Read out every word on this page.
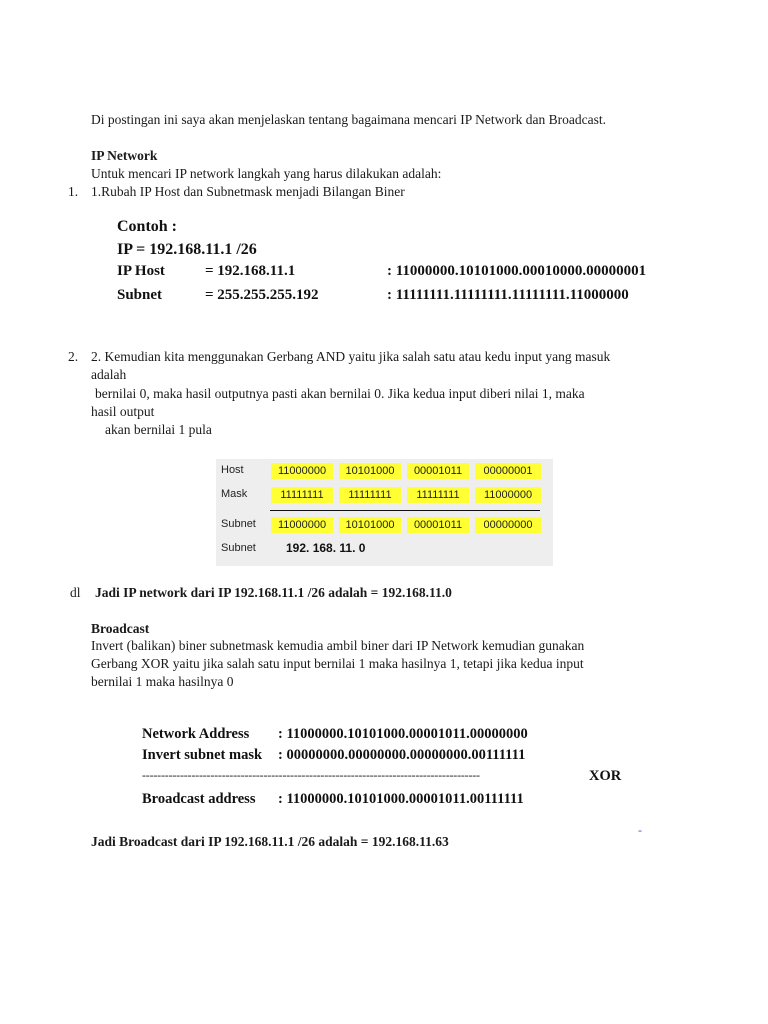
Di postingan ini saya akan menjelaskan tentang bagaimana mencari IP Network dan Broadcast.
IP Network
Untuk mencari IP network langkah yang harus dilakukan adalah:
1. 1.Rubah IP Host dan Subnetmask menjadi Bilangan Biner
Contoh :
IP = 192.168.11.1 /26
IP Host	= 192.168.11.1	: 11000000.10101000.00010000.00000001
Subnet	= 255.255.255.192	: 11111111.11111111.11111111.11000000
2. 2. Kemudian kita menggunakan Gerbang AND yaitu jika salah satu atau kedu input yang masuk
adalah
bernilai 0, maka hasil outputnya pasti akan bernilai 0. Jika kedua input diberi nilai 1, maka
hasil output
akan bernilai 1 pula
Host	11000000	10101000	00001011	00000001
Mask	11111111	11111111	11111111	11000000
Subnet	11000000	10101000	00001011	00000000
Subnet	192. 168. 11. 0
dl Jadi IP network dari IP 192.168.11.1 /26 adalah = 192.168.11.0
Broadcast
Invert (balikan) biner subnetmask kemudia ambil biner dari IP Network kemudian gunakan
Gerbang XOR yaitu jika salah satu input bernilai 1 maka hasilnya 1, tetapi jika kedua input
bernilai 1 maka hasilnya 0
Network Address : 11000000.10101000.00001011.00000000
Invert subnet mask : 00000000.00000000.00000000.00111111
-----------------------------------------------------------------------------------------	XOR
Broadcast address : 11000000.10101000.00001011.00111111
-
Jadi Broadcast dari IP 192.168.11.1 /26 adalah = 192.168.11.63
